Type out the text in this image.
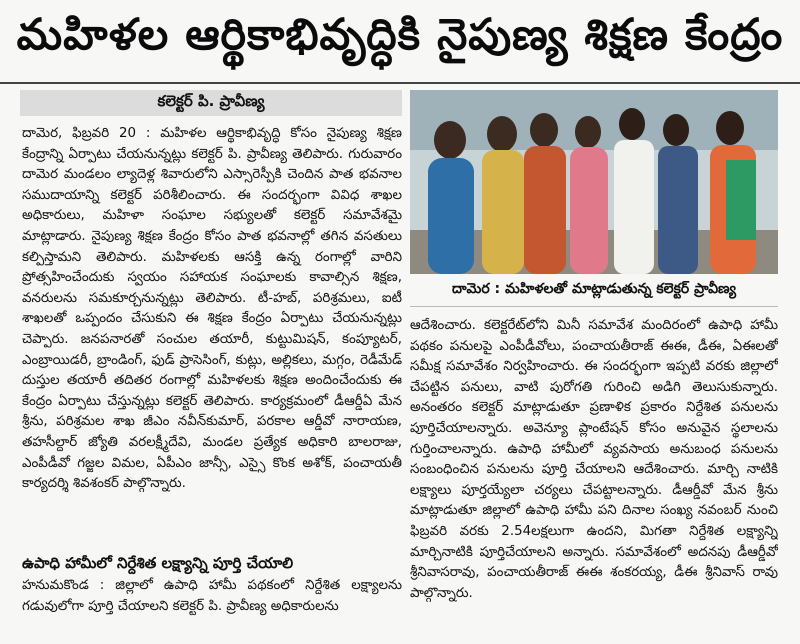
మహిళల ఆర్థికాభివృద్ధికి నైపుణ్య శిక్షణ కేంద్రం
కలెక్టర్ పి. ప్రావీణ్య

దామెర, ఫిబ్రవరి 20 : మహిళల ఆర్థికాభివృద్ధి కోసం నైపుణ్య శిక్షణ కేంద్రాన్ని ఏర్పాటు చేయనున్నట్లు కలెక్టర్ పి. ప్రావీణ్య తెలిపారు. గురువారం దామెర మండలం ల్యాదెళ్ల శివారులోని ఎస్సారెస్పీకి చెందిన పాత భవనాల సముదాయాన్ని కలెక్టర్ పరిశీలించారు. ఈ సందర్భంగా వివిధ శాఖల అధికారులు, మహిళా సంఘాల సభ్యులతో కలెక్టర్ సమావేశమై మాట్లాడారు. నైపుణ్య శిక్షణ కేంద్రం కోసం పాత భవనాల్లో తగిన వసతులు కల్పిస్తామని తెలిపారు. మహిళలకు ఆసక్తి ఉన్న రంగాల్లో వారిని ప్రోత్సహించేందుకు స్వయం సహాయక సంఘాలకు కావాల్సిన శిక్షణ, వనరులను సమకూర్చనున్నట్లు తెలిపారు. టీ-హబ్, పరిశ్రమలు, ఐటీ శాఖలతో ఒప్పందం చేసుకుని ఈ శిక్షణ కేంద్రం ఏర్పాటు చేయనున్నట్లు చెప్పారు. జనపనారతో సంచుల తయారీ, కుట్టుమిషన్, కంప్యూటర్, ఎంబ్రాయిడరీ, బ్రాండింగ్, ఫుడ్ ప్రాసెసింగ్, కుట్లు, అల్లికలు, మగ్గం, రెడీమేడ్ దుస్తుల తయారీ తదితర రంగాల్లో మహిళలకు శిక్షణ అందించేందుకు ఈ కేంద్రం ఏర్పాటు చేస్తున్నట్లు కలెక్టర్ తెలిపారు. కార్యక్రమంలో డీఆర్డీఏ మేన శ్రీను, పరిశ్రమల శాఖ జీఎం నవీన్‌కుమార్, పరకాల ఆర్డీవో నారాయణ, తహసీల్దార్ జ్యోతి వరలక్ష్మీదేవి, మండల ప్రత్యేక అధికారి బాలరాజు, ఎంపీడీవో గజ్జల విమల, ఏపీఎం జాన్సీ, ఎస్సై కొంక అశోక్, పంచాయతీ కార్యదర్శి శివశంకర్ పాల్గొన్నారు.

ఉపాధి హామీలో నిర్దేశిత లక్ష్యాన్ని పూర్తి చేయాలి

హనుమకొండ : జిల్లాలో ఉపాధి హామీ పథకంలో నిర్దేశిత లక్ష్యాలను గడువులోగా పూర్తి చేయాలని కలెక్టర్ పి. ప్రావీణ్య అధికారులను

దామెర : మహిళలతో మాట్లాడుతున్న కలెక్టర్ ప్రావీణ్య

ఆదేశించారు. కలెక్టరేట్‌లోని మినీ సమావేశ మందిరంలో ఉపాధి హామీ పథకం పనులపై ఎంపీడీవోలు, పంచాయతీరాజ్ ఈఈ, డీఈ, ఏఈలతో సమీక్ష సమావేశం నిర్వహించారు. ఈ సందర్భంగా ఇప్పటి వరకు జిల్లాలో చేపట్టిన పనులు, వాటి పురోగతి గురించి అడిగి తెలుసుకున్నారు. అనంతరం కలెక్టర్ మాట్లాడుతూ ప్రణాళిక ప్రకారం నిర్దేశిత పనులను పూర్తిచేయాలన్నారు. అవెన్యూ ప్లాంటేషన్ కోసం అనువైన స్థలాలను గుర్తించాలన్నారు. ఉపాధి హామీలో వ్యవసాయ అనుబంధ పనులను సంబంధించిన పనులను పూర్తి చేయాలని ఆదేశించారు. మార్చి నాటికి లక్ష్యాలు పూర్తయ్యేలా చర్యలు చేపట్టాలన్నారు. డీఆర్డీవో మేన శ్రీను మాట్లాడుతూ జిల్లాలో ఉపాధి హామీ పని దినాల సంఖ్య నవంబర్ నుంచి ఫిబ్రవరి వరకు 2.54లక్షలుగా ఉందని, మిగతా నిర్దేశిత లక్ష్యాన్ని మార్చినాటికి పూర్తిచేయాలని అన్నారు. సమావేశంలో అదనపు డీఆర్డీవో శ్రీనివాసరావు, పంచాయతీరాజ్ ఈఈ శంకరయ్య, డీఈ శ్రీనివాస్ రావు పాల్గొన్నారు.
